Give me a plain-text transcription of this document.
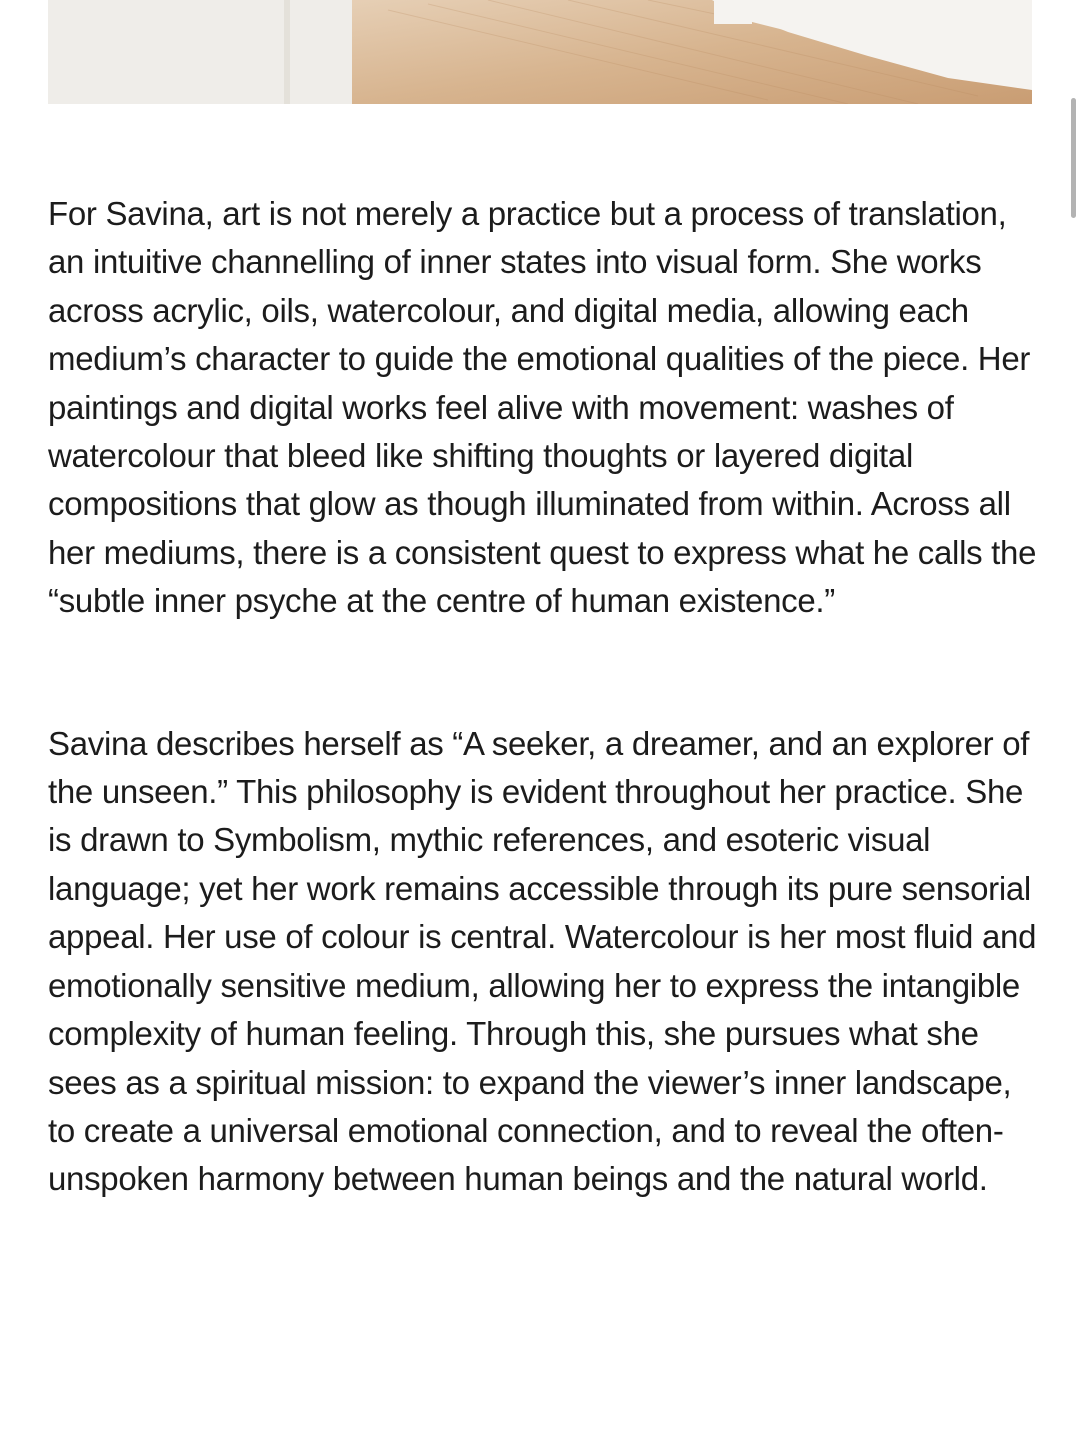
For Savina, art is not merely a practice but a process of translation, an intuitive channelling of inner states into visual form. She works across acrylic, oils, watercolour, and digital media, allowing each medium’s character to guide the emotional qualities of the piece. Her paintings and digital works feel alive with movement: washes of watercolour that bleed like shifting thoughts or layered digital compositions that glow as though illuminated from within. Across all her mediums, there is a consistent quest to express what he calls the “subtle inner psyche at the centre of human existence.”

Savina describes herself as “A seeker, a dreamer, and an explorer of the unseen.” This philosophy is evident throughout her practice. She is drawn to Symbolism, mythic references, and esoteric visual language; yet her work remains accessible through its pure sensorial appeal. Her use of colour is central. Watercolour is her most fluid and emotionally sensitive medium, allowing her to express the intangible complexity of human feeling. Through this, she pursues what she sees as a spiritual mission: to expand the viewer’s inner landscape, to create a universal emotional connection, and to reveal the often-unspoken harmony between human beings and the natural world.
